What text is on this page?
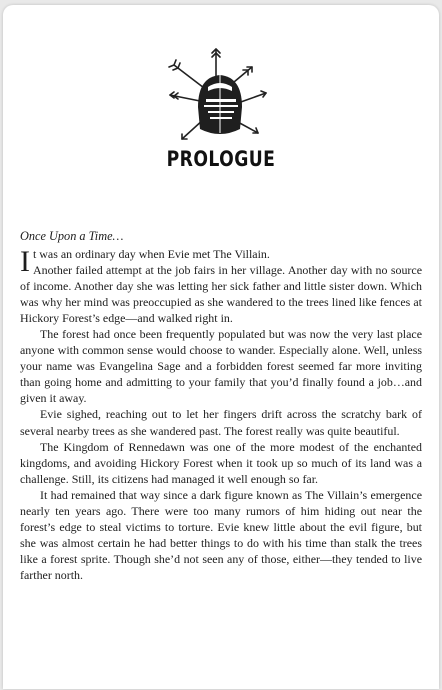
PROLOGUE
Once Upon a Time…

It was an ordinary day when Evie met The Villain.
Another failed attempt at the job fairs in her village. Another day with no source of income. Another day she was letting her sick father and little sister down. Which was why her mind was preoccupied as she wandered to the trees lined like fences at Hickory Forest’s edge—and walked right in.

The forest had once been frequently populated but was now the very last place anyone with common sense would choose to wander. Especially alone. Well, unless your name was Evangelina Sage and a forbidden forest seemed far more inviting than going home and admitting to your family that you’d finally found a job…and given it away.

Evie sighed, reaching out to let her fingers drift across the scratchy bark of several nearby trees as she wandered past. The forest really was quite beautiful.

The Kingdom of Rennedawn was one of the more modest of the enchanted kingdoms, and avoiding Hickory Forest when it took up so much of its land was a challenge. Still, its citizens had managed it well enough so far.

It had remained that way since a dark figure known as The Villain’s emergence nearly ten years ago. There were too many rumors of him hiding out near the forest’s edge to steal victims to torture. Evie knew little about the evil figure, but she was almost certain he had better things to do with his time than stalk the trees like a forest sprite. Though she’d not seen any of those, either—they tended to live farther north.
